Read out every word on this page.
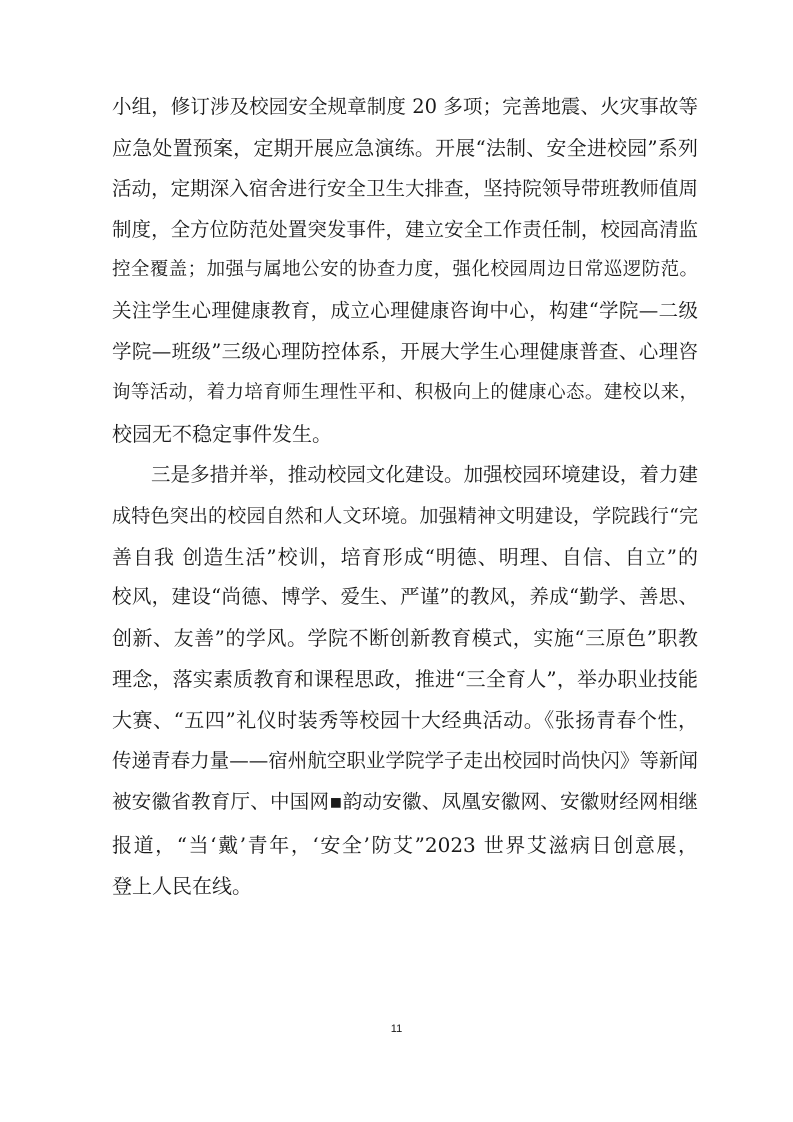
小组，修订涉及校园安全规章制度 20 多项；完善地震、火灾事故等
应急处置预案，定期开展应急演练。开展“法制、安全进校园”系列
活动，定期深入宿舍进行安全卫生大排查，坚持院领导带班教师值周
制度，全方位防范处置突发事件，建立安全工作责任制，校园高清监
控全覆盖；加强与属地公安的协查力度，强化校园周边日常巡逻防范。
关注学生心理健康教育，成立心理健康咨询中心，构建“学院—二级
学院—班级”三级心理防控体系，开展大学生心理健康普查、心理咨
询等活动，着力培育师生理性平和、积极向上的健康心态。建校以来，
校园无不稳定事件发生。
三是多措并举，推动校园文化建设。加强校园环境建设，着力建
成特色突出的校园自然和人文环境。加强精神文明建设，学院践行“完
善自我 创造生活”校训，培育形成“明德、明理、自信、自立”的
校风，建设“尚德、博学、爱生、严谨”的教风，养成“勤学、善思、
创新、友善”的学风。学院不断创新教育模式，实施“三原色”职教
理念，落实素质教育和课程思政，推进“三全育人”，举办职业技能
大赛、“五四”礼仪时装秀等校园十大经典活动。《张扬青春个性，
传递青春力量——宿州航空职业学院学子走出校园时尚快闪》等新闻
被安徽省教育厅、中国网▪韵动安徽、凤凰安徽网、安徽财经网相继
报道，“当‘戴’青年，‘安全’防艾”2023 世界艾滋病日创意展，
登上人民在线。
11
